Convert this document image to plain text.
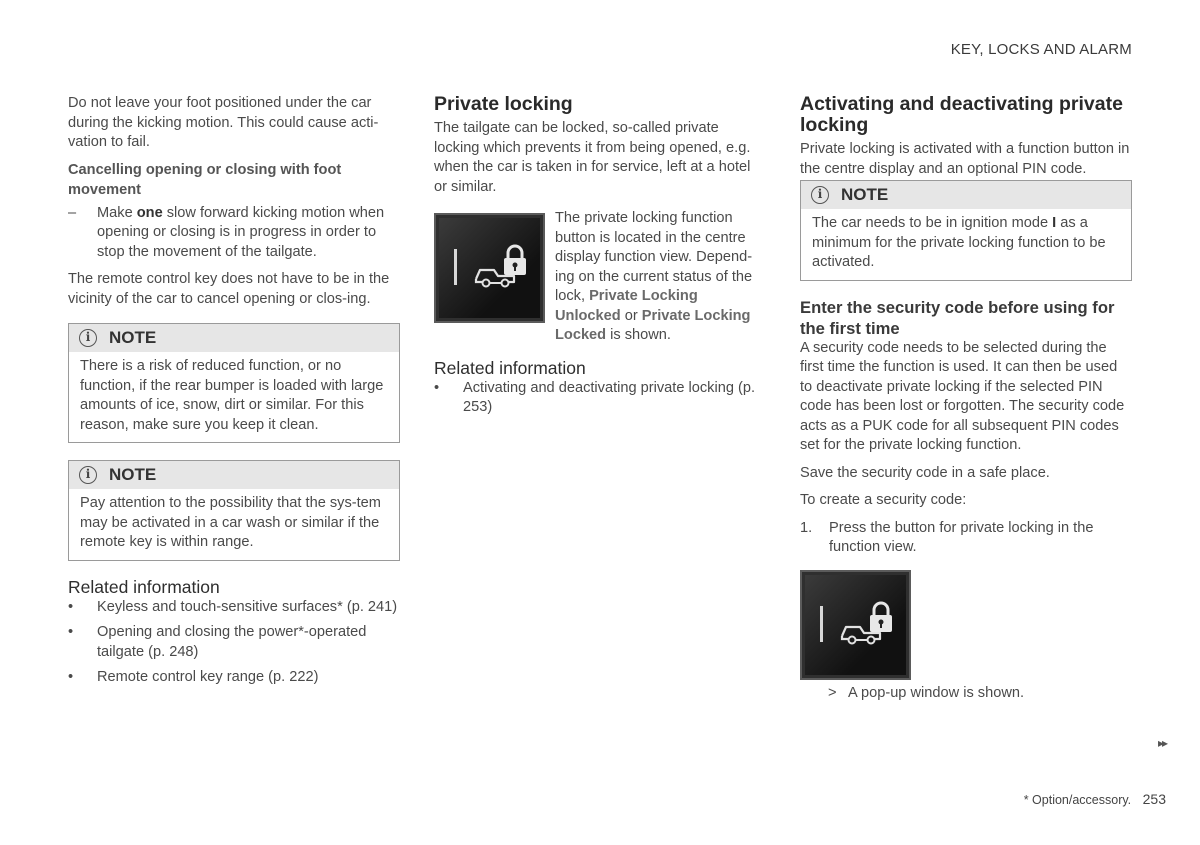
KEY, LOCKS AND ALARM

Do not leave your foot positioned under the car during the kicking motion. This could cause acti-vation to fail.

Cancelling opening or closing with foot movement
– Make one slow forward kicking motion when opening or closing is in progress in order to stop the movement of the tailgate.

The remote control key does not have to be in the vicinity of the car to cancel opening or clos-ing.

i	NOTE
There is a risk of reduced function, or no function, if the rear bumper is loaded with large amounts of ice, snow, dirt or similar. For this reason, make sure you keep it clean.
i	NOTE
Pay attention to the possibility that the sys-tem may be activated in a car wash or similar if the remote key is within range.
Related information
• Keyless and touch-sensitive surfaces* (p. 241)
• Opening and closing the power*-operated tailgate (p. 248)
• Remote control key range (p. 222)
Private locking

The tailgate can be locked, so-called private locking which prevents it from being opened, e.g. when the car is taken in for service, left at a hotel or similar.

The private locking function button is located in the centre display function view. Depend-ing on the current status of the lock, Private Locking Unlocked or Private Locking Locked is shown.

Related information
• Activating and deactivating private locking (p. 253)
Activating and deactivating private locking

Private locking is activated with a function button in the centre display and an optional PIN code.

i	NOTE
The car needs to be in ignition mode I as a minimum for the private locking function to be activated.
Enter the security code before using for the first time

A security code needs to be selected during the first time the function is used. It can then be used to deactivate private locking if the selected PIN code has been lost or forgotten. The security code acts as a PUK code for all subsequent PIN codes set for the private locking function.

Save the security code in a safe place.

To create a security code:

1. Press the button for private locking in the function view.
> A pop-up window is shown.
▸▸
* Option/accessory. 253
